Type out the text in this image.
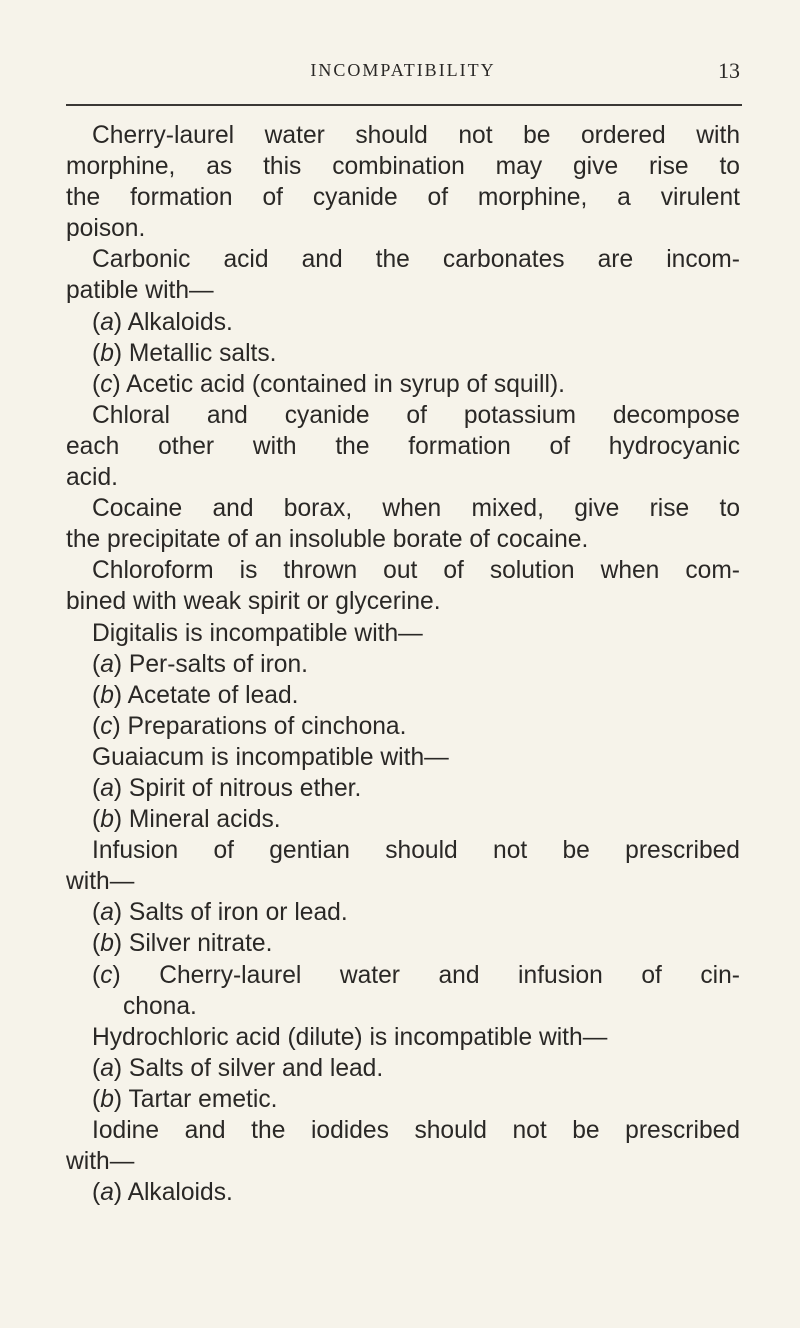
INCOMPATIBILITY	13
Cherry-laurel water should not be ordered with
morphine, as this combination may give rise to
the formation of cyanide of morphine, a virulent
poison.
Carbonic acid and the carbonates are incom-
patible with—
(a) Alkaloids.
(b) Metallic salts.
(c) Acetic acid (contained in syrup of squill).
Chloral and cyanide of potassium decompose
each other with the formation of hydrocyanic
acid.
Cocaine and borax, when mixed, give rise to
the precipitate of an insoluble borate of cocaine.
Chloroform is thrown out of solution when com-
bined with weak spirit or glycerine.
Digitalis is incompatible with—
(a) Per-salts of iron.
(b) Acetate of lead.
(c) Preparations of cinchona.
Guaiacum is incompatible with—
(a) Spirit of nitrous ether.
(b) Mineral acids.
Infusion of gentian should not be prescribed
with—
(a) Salts of iron or lead.
(b) Silver nitrate.
(c) Cherry-laurel water and infusion of cin-
chona.
Hydrochloric acid (dilute) is incompatible with—
(a) Salts of silver and lead.
(b) Tartar emetic.
Iodine and the iodides should not be prescribed
with—
(a) Alkaloids.
